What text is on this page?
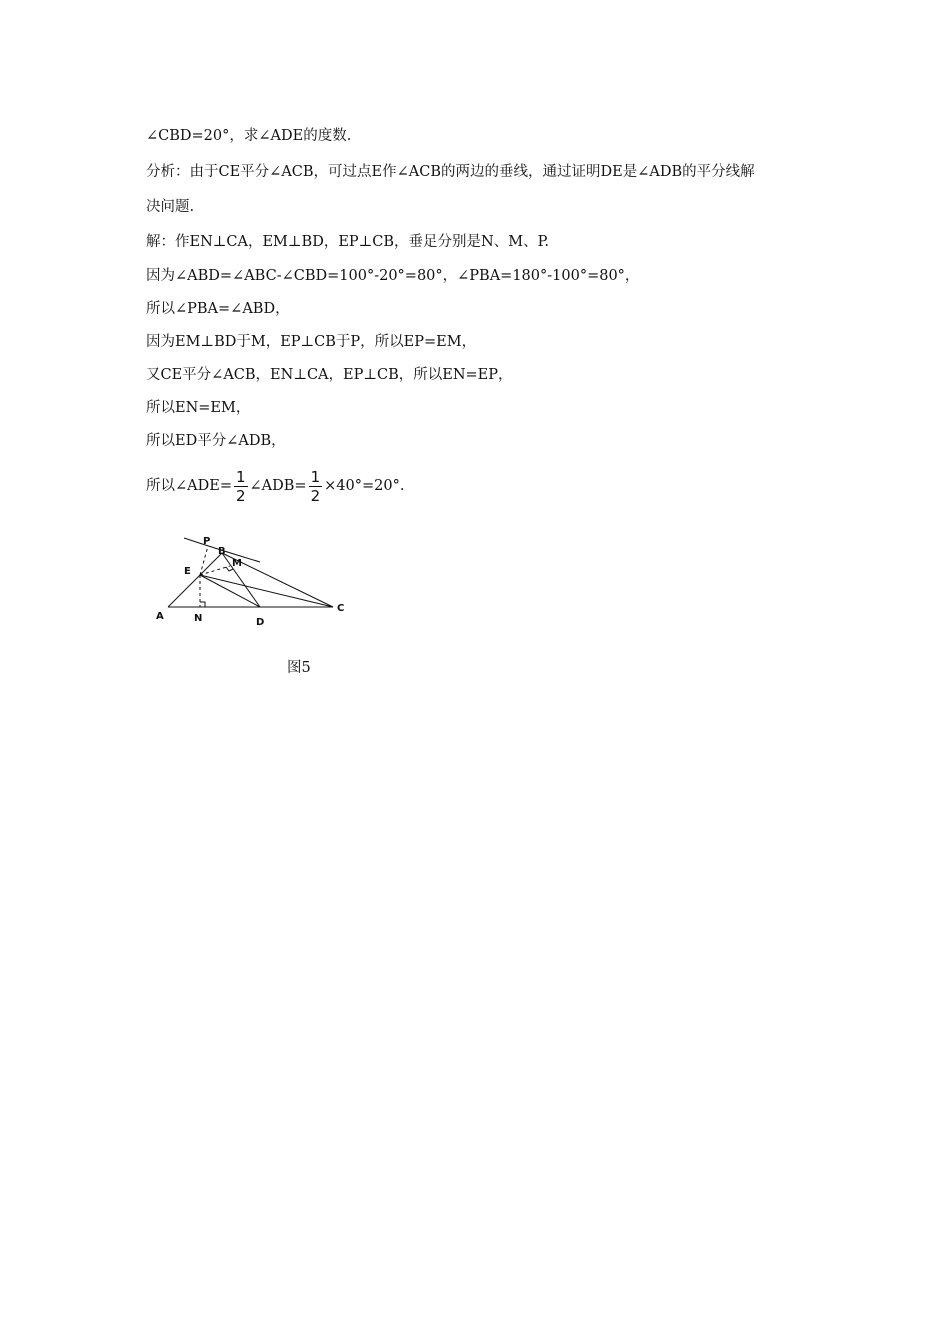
∠CBD=20°，求∠ADE的度数.
分析：由于CE平分∠ACB，可过点E作∠ACB的两边的垂线，通过证明DE是∠ADB的平分线解
决问题.
解：作EN⊥CA，EM⊥BD，EP⊥CB，垂足分别是N、M、P.
因为∠ABD=∠ABC-∠CBD=100°-20°=80°，∠PBA=180°-100°=80°，
所以∠PBA=∠ABD，
因为EM⊥BD于M，EP⊥CB于P，所以EP=EM，
又CE平分∠ACB，EN⊥CA，EP⊥CB，所以EN=EP，
所以EN=EM，
所以ED平分∠ADB，
所以∠ADE= $\frac{1}{2}$ ∠ADB= $\frac{1}{2} \times 40^\circ=20^\circ$.
P
B
M
E
A	N	D
C
图5
